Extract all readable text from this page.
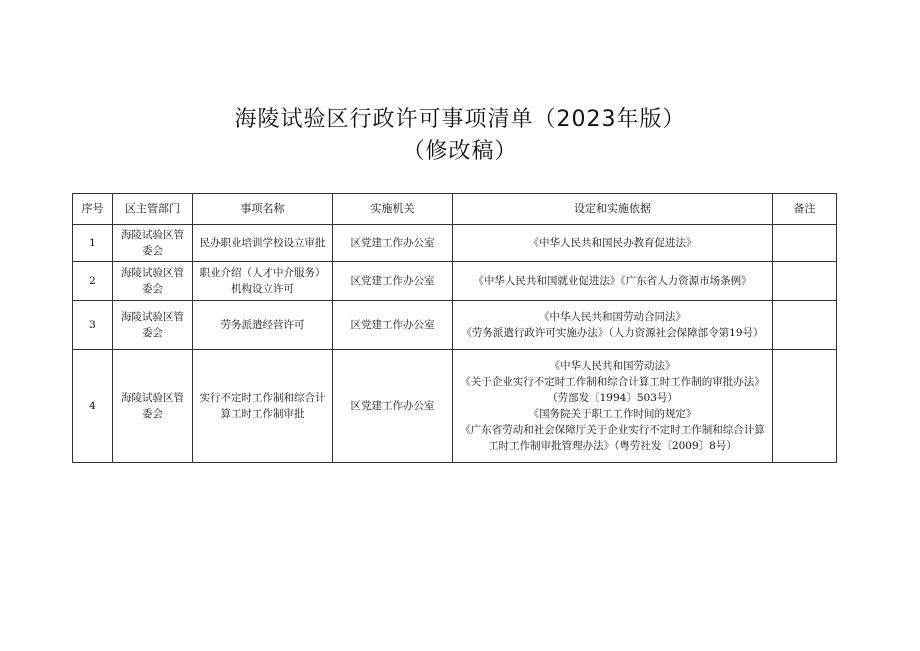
海陵试验区行政许可事项清单（2023年版）
（修改稿）
序号	区主管部门	事项名称	实施机关	设定和实施依据	备注
1	海陵试验区管委会	民办职业培训学校设立审批	区党建工作办公室	《中华人民共和国民办教育促进法》	

2	海陵试验区管委会	职业介绍（人才中介服务）机构设立许可	区党建工作办公室	《中华人民共和国就业促进法》《广东省人力资源市场条例》	

3	海陵试验区管委会	劳务派遣经营许可	区党建工作办公室	《中华人民共和国劳动合同法》
《劳务派遣行政许可实施办法》（人力资源社会保障部令第19号）	

4	海陵试验区管委会	实行不定时工作制和综合计算工时工作制审批	区党建工作办公室	《中华人民共和国劳动法》
《关于企业实行不定时工作制和综合计算工时工作制的审批办法》（劳部发〔1994〕503号）
《国务院关于职工工作时间的规定》
《广东省劳动和社会保障厅关于企业实行不定时工作制和综合计算工时工作制审批管理办法》（粤劳社发〔2009〕8号）	
